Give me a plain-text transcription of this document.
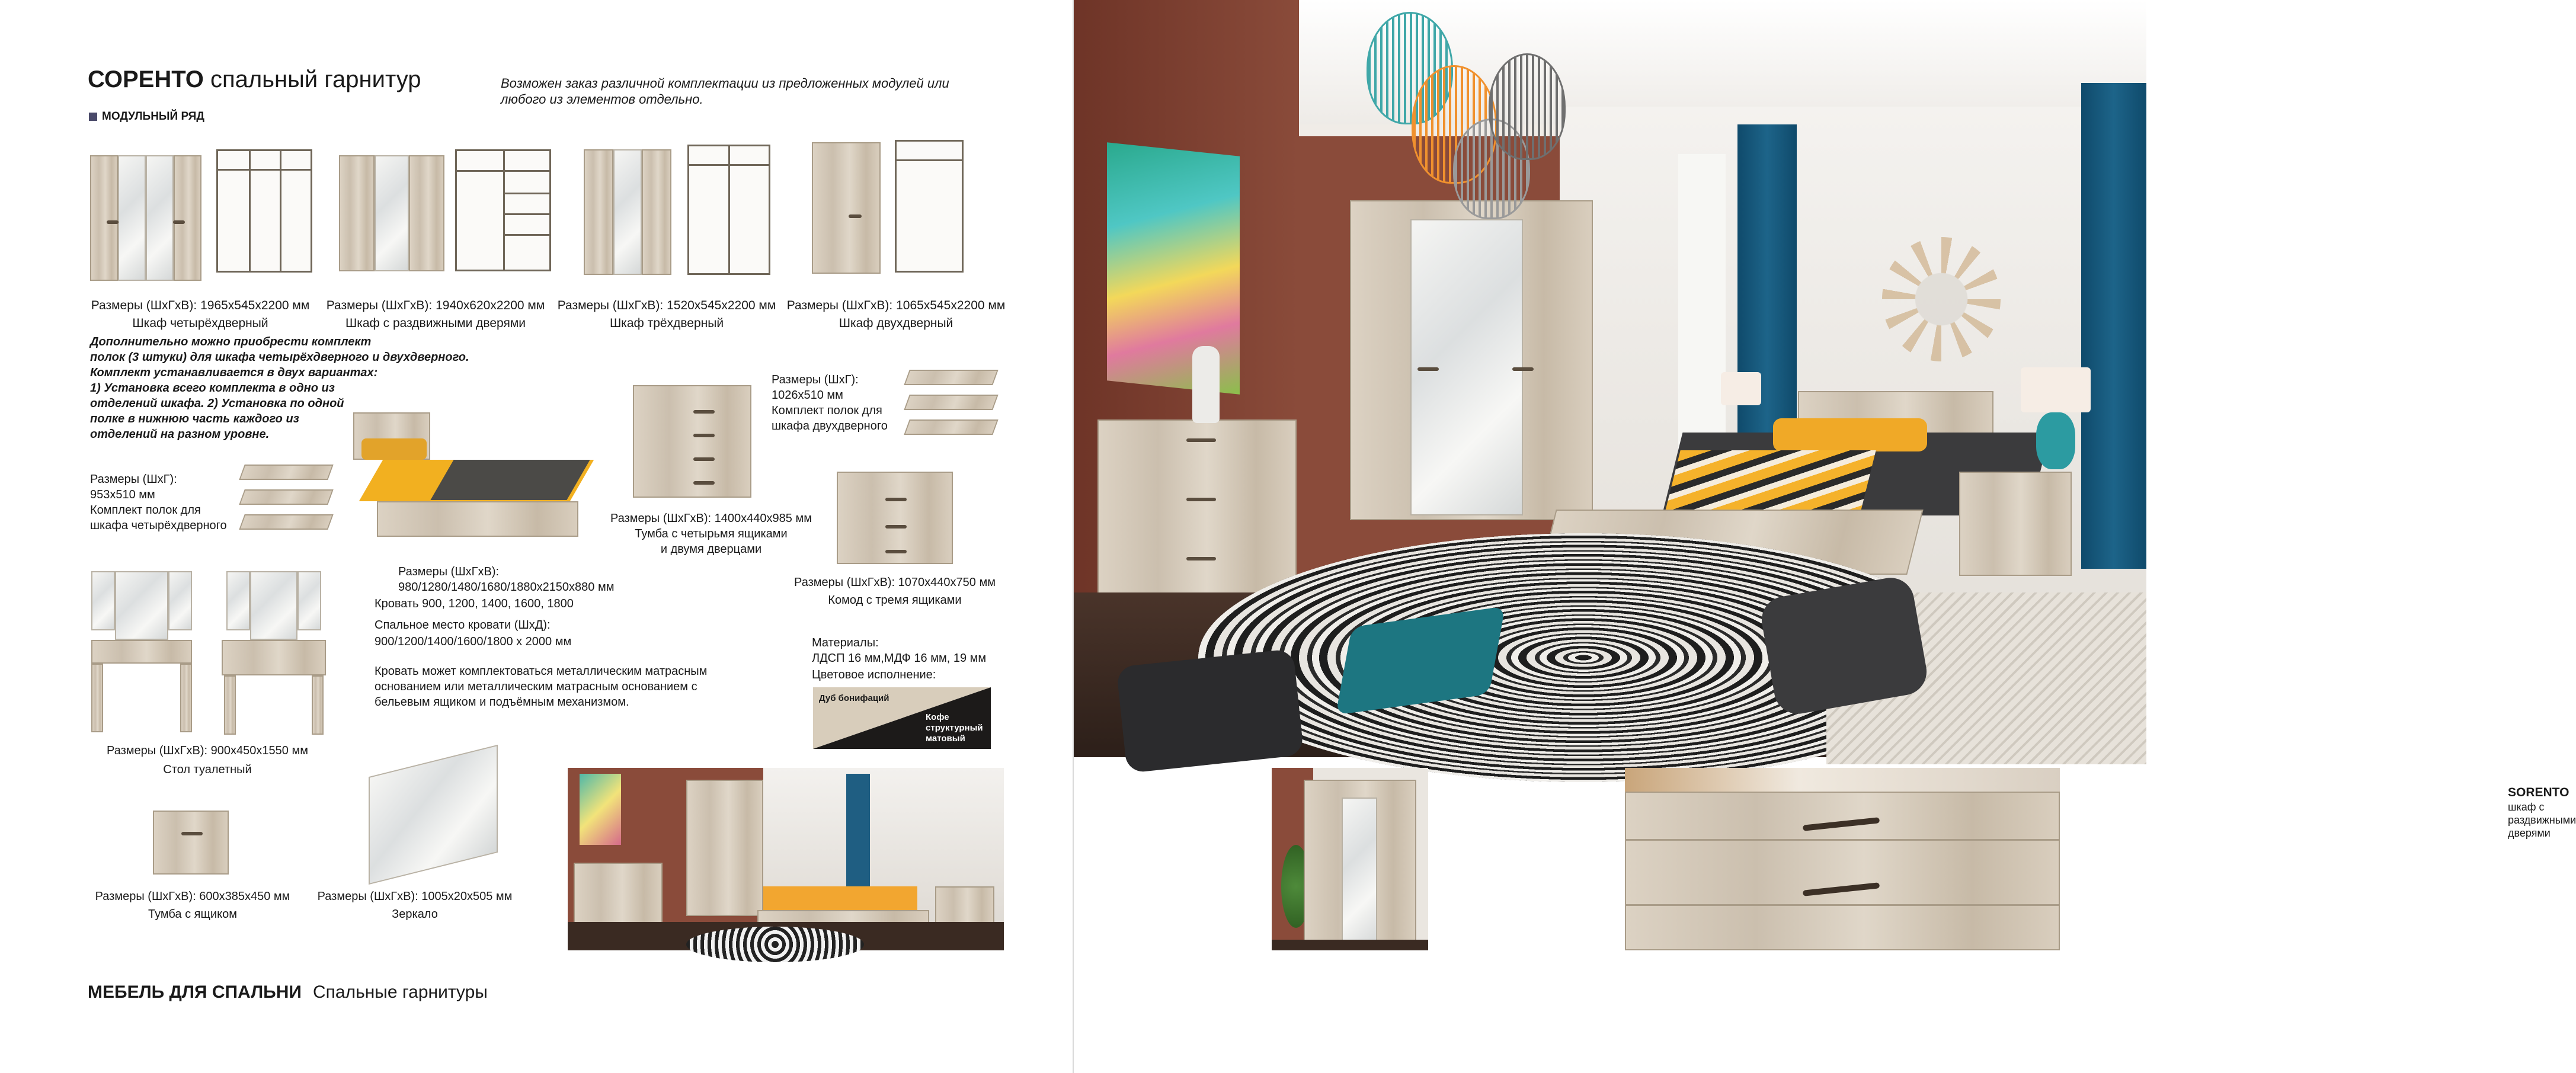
СОРЕНТО спальный гарнитур	Возможен заказ различной комплектации из предложенных модулей или
любого из элементов отдельно.
МОДУЛЬНЫЙ РЯД
Размеры (ШхГхВ): 1965х545х2200 мм
Шкаф четырёхдверный
Размеры (ШхГхВ): 1940х620х2200 мм
Шкаф с раздвижными дверями
Размеры (ШхГхВ): 1520х545х2200 мм
Шкаф трёхдверный
Размеры (ШхГхВ): 1065х545х2200 мм
Шкаф двухдверный
Дополнительно можно приобрести комплект
полок (3 штуки) для шкафа четырёхдверного и двухдверного.
Комплект устанавливается в двух вариантах:
1) Установка всего комплекта в одно из
отделений шкафа. 2) Установка по одной
полке в нижнюю часть каждого из
отделений на разном уровне.
Размеры (ШхГ):
1026х510 мм
Комплект полок для
шкафа двухдверного
Размеры (ШхГ):
953х510 мм
Комплект полок для
шкафа четырёхдверного
Размеры (ШхГхВ): 1400х440х985 мм
Тумба с четырьмя ящиками
и двумя дверцами
Размеры (ШхГхВ): 1070х440х750 мм
Комод с тремя ящиками
Размеры (ШхГхВ):
980/1280/1480/1680/1880х2150х880 мм
Кровать 900, 1200, 1400, 1600, 1800
Спальное место кровати (ШхД):
900/1200/1400/1600/1800 х 2000 мм
Кровать может комплектоваться металлическим матрасным
основанием или металлическим матрасным основанием с
бельевым ящиком и подъёмным механизмом.
Материалы:
ЛДСП 16 мм,МДФ 16 мм, 19 мм
Цветовое исполнение:
Дуб бонифаций
Кофе
структурный
матовый
Размеры (ШхГхВ): 900х450х1550 мм
Стол туалетный
Размеры (ШхГхВ): 600х385х450 мм
Тумба с ящиком
Размеры (ШхГхВ): 1005х20х505 мм
Зеркало
МЕБЕЛЬ ДЛЯ СПАЛЬНИ Спальные гарнитуры
SORENTO
шкаф с
раздвижными
дверями
